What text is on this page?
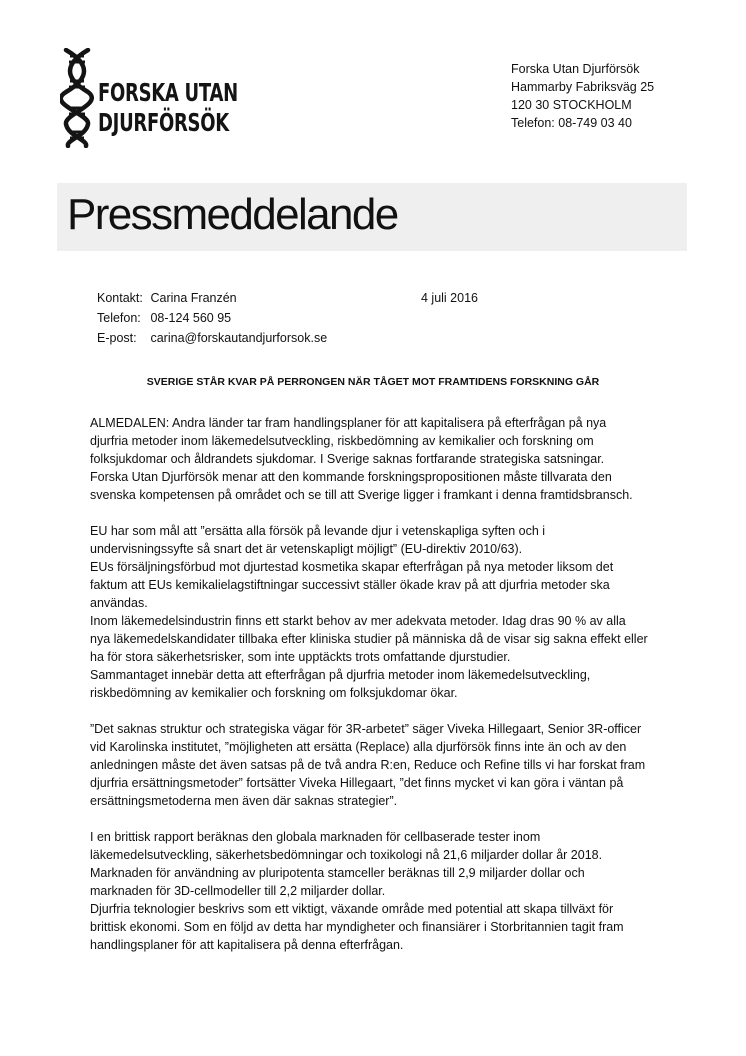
FORSKA UTAN
DJURFÖRSÖK
Forska Utan Djurförsök
Hammarby Fabriksväg 25
120 30 STOCKHOLM
Telefon: 08-749 03 40
Pressmeddelande
Kontakt: Carina Franzén
Telefon: 08-124 560 95
E-post: carina@forskautandjurforsok.se
4 juli 2016
SVERIGE STÅR KVAR PÅ PERRONGEN NÄR TÅGET MOT FRAMTIDENS FORSKNING GÅR
ALMEDALEN: Andra länder tar fram handlingsplaner för att kapitalisera på efterfrågan på nya
djurfria metoder inom läkemedelsutveckling, riskbedömning av kemikalier och forskning om
folksjukdomar och åldrandets sjukdomar. I Sverige saknas fortfarande strategiska satsningar.
Forska Utan Djurförsök menar att den kommande forskningspropositionen måste tillvarata den
svenska kompetensen på området och se till att Sverige ligger i framkant i denna framtidsbransch.
EU har som mål att ”ersätta alla försök på levande djur i vetenskapliga syften och i
undervisningssyfte så snart det är vetenskapligt möjligt” (EU-direktiv 2010/63).
EUs försäljningsförbud mot djurtestad kosmetika skapar efterfrågan på nya metoder liksom det
faktum att EUs kemikalielagstiftningar successivt ställer ökade krav på att djurfria metoder ska
användas.
Inom läkemedelsindustrin finns ett starkt behov av mer adekvata metoder. Idag dras 90 % av alla
nya läkemedelskandidater tillbaka efter kliniska studier på människa då de visar sig sakna effekt eller
ha för stora säkerhetsrisker, som inte upptäckts trots omfattande djurstudier.
Sammantaget innebär detta att efterfrågan på djurfria metoder inom läkemedelsutveckling,
riskbedömning av kemikalier och forskning om folksjukdomar ökar.
”Det saknas struktur och strategiska vägar för 3R-arbetet” säger Viveka Hillegaart, Senior 3R-officer
vid Karolinska institutet, ”möjligheten att ersätta (Replace) alla djurförsök finns inte än och av den
anledningen måste det även satsas på de två andra R:en, Reduce och Refine tills vi har forskat fram
djurfria ersättningsmetoder” fortsätter Viveka Hillegaart, ”det finns mycket vi kan göra i väntan på
ersättningsmetoderna men även där saknas strategier”.
I en brittisk rapport beräknas den globala marknaden för cellbaserade tester inom
läkemedelsutveckling, säkerhetsbedömningar och toxikologi nå 21,6 miljarder dollar år 2018.
Marknaden för användning av pluripotenta stamceller beräknas till 2,9 miljarder dollar och
marknaden för 3D-cellmodeller till 2,2 miljarder dollar.
Djurfria teknologier beskrivs som ett viktigt, växande område med potential att skapa tillväxt för
brittisk ekonomi. Som en följd av detta har myndigheter och finansiärer i Storbritannien tagit fram
handlingsplaner för att kapitalisera på denna efterfrågan.
